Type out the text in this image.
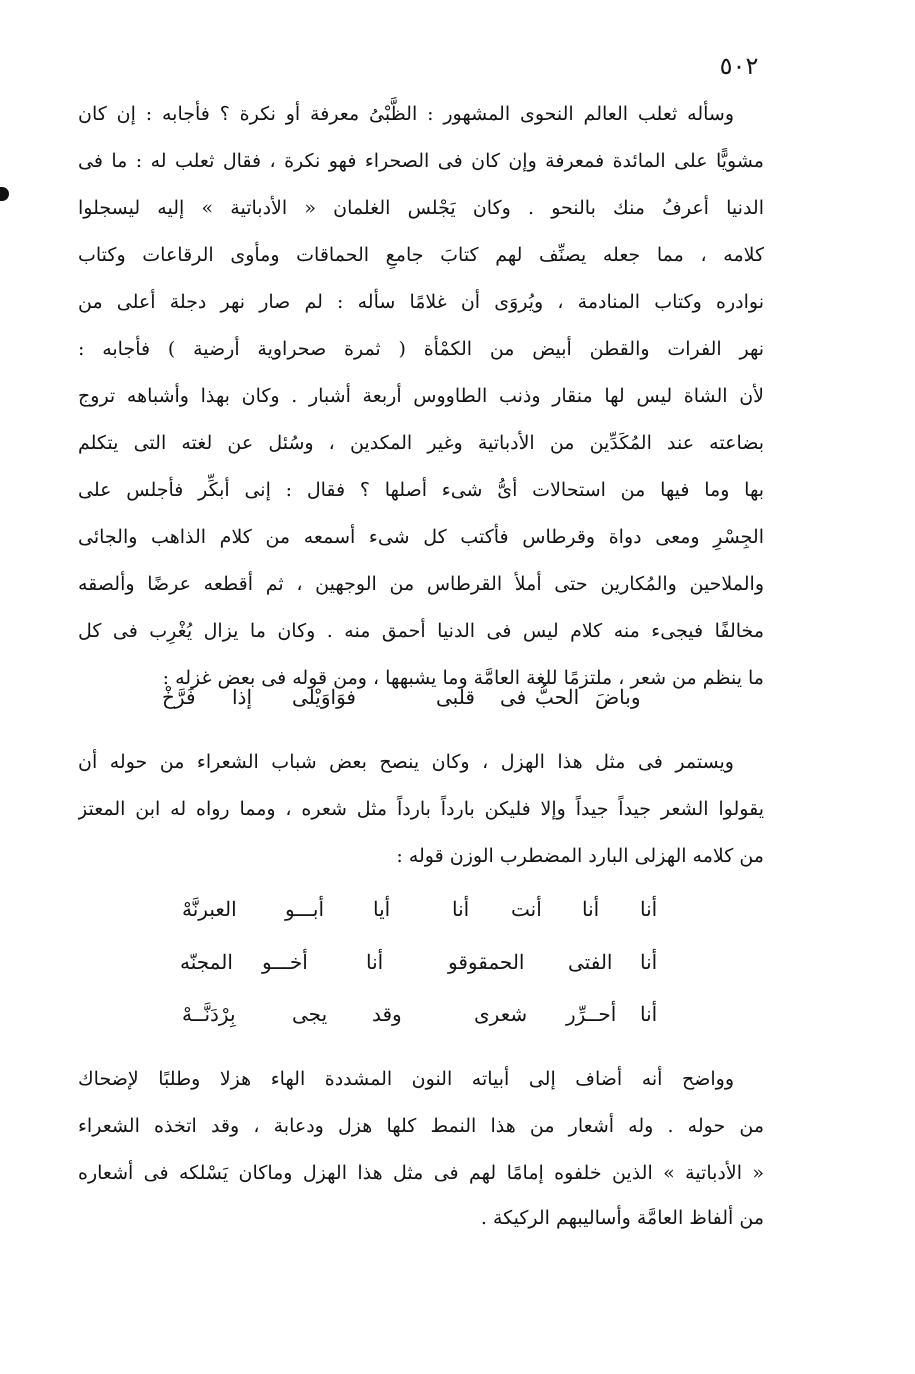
٥٠٢
وسأله ثعلب العالم النحوى المشهور : الظَّبْىُ معرفة أو نكرة ؟ فأجابه : إن كان
مشويًّا على المائدة فمعرفة وإن كان فى الصحراء فهو نكرة ، فقال ثعلب له : ما فى
الدنيا أعرفُ منك بالنحو . وكان يَجْلس الغلمان « الأدباتية » إليه ليسجلوا
كلامه ، مما جعله يصنِّف لهم كتابَ جامعِ الحماقات ومأوى الرقاعات وكتاب
نوادره وكتاب المنادمة ، ويُروَى أن غلامًا سأله : لم صار نهر دجلة أعلى من
نهر الفرات والقطن أبيض من الكمْأة ( ثمرة صحراوية أرضية ) فأجابه :
لأن الشاة ليس لها منقار وذنب الطاووس أربعة أشبار . وكان بهذا وأشباهه تروج
بضاعته عند المُكَدِّين من الأدباتية وغير المكدين ، وسُئل عن لغته التى يتكلم
بها وما فيها من استحالات أىُّ شىء أصلها ؟ فقال : إنى أبكِّر فأجلس على
الجِسْرِ ومعى دواة وقرطاس فأكتب كل شىء أسمعه من كلام الذاهب والجائى
والملاحين والمُكارين حتى أملأ القرطاس من الوجهين ، ثم أقطعه عرضًا وألصقه
مخالفًا فيجىء منه كلام ليس فى الدنيا أحمق منه . وكان ما يزال يُغْرِب فى كل
ما ينظم من شعر ، ملتزمًا للغة العامَّة وما يشبهها ، ومن قوله فى بعض غزله :
وباضَ
الحبُّ
فى
قلبى
فوَاوَيْلى
إذا
فَرَّخْ
ويستمر فى مثل هذا الهزل ، وكان ينصح بعض شباب الشعراء من حوله أن
يقولوا الشعر جيداً جيداً وإلا فليكن بارداً بارداً مثل شعره ، ومما رواه له ابن المعتز
من كلامه الهزلى البارد المضطرب الوزن قوله :
أنا
أنا
أنت
أنا
أيا
أبـــو
العبرنَّهْ
أنا
الفتى
الحمقوقو
أنا
أخـــو
المجنّه
أنا
أحــرِّر
شعرى
وقد
يجى
بِرْدَنَّــهْ
وواضح أنه أضاف إلى أبياته النون المشددة الهاء هزلا وطلبًا لإضحاك
من حوله . وله أشعار من هذا النمط كلها هزل ودعابة ، وقد اتخذه الشعراء
« الأدباتية » الذين خلفوه إمامًا لهم فى مثل هذا الهزل وماكان يَسْلكه فى أشعاره
من ألفاظ العامَّة وأساليبهم الركيكة .
